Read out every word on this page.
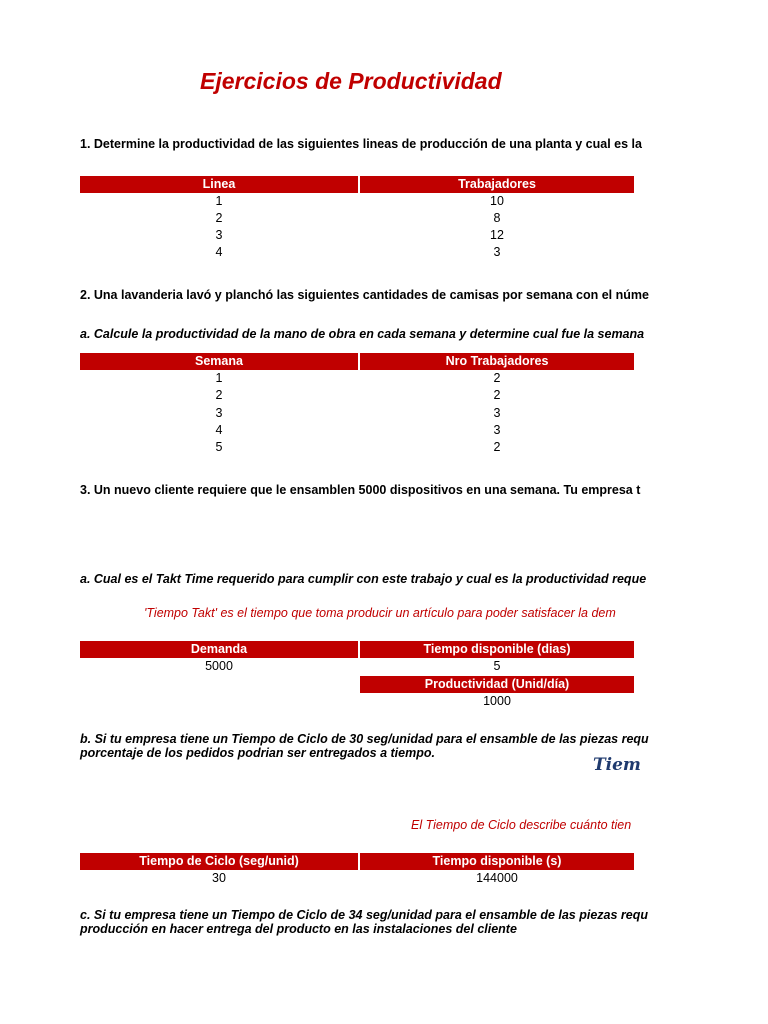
Ejercicios de Productividad
1. Determine la productividad de las siguientes lineas de producción de una planta y cual es la
Linea	Trabajadores
1	10
2	8
3	12
4	3
2. Una lavanderia lavó y planchó las siguientes cantidades de camisas por semana con el núme
a. Calcule la productividad de la mano de obra en cada semana y determine cual fue la semana
Semana	Nro Trabajadores
1	2
2	2
3	3
4	3
5	2
3. Un nuevo cliente requiere que le ensamblen 5000 dispositivos en una semana. Tu empresa t
a. Cual es el Takt Time requerido para cumplir con este trabajo y cual es la productividad reque
'Tiempo Takt' es el tiempo que toma producir un artículo para poder satisfacer la dem
Demanda	Tiempo disponible (dias)
5000	5
Productividad (Unid/día)
1000
b. Si tu empresa tiene un Tiempo de Ciclo de 30 seg/unidad para el ensamble de las piezas requ
porcentaje de los pedidos podrian ser entregados a tiempo.
Tiem
El Tiempo de Ciclo describe cuánto tien
Tiempo de Ciclo (seg/unid)	Tiempo disponible (s)
30	144000
c. Si tu empresa tiene un Tiempo de Ciclo de 34 seg/unidad para el ensamble de las piezas requ
producción en hacer entrega del producto en las instalaciones del cliente
